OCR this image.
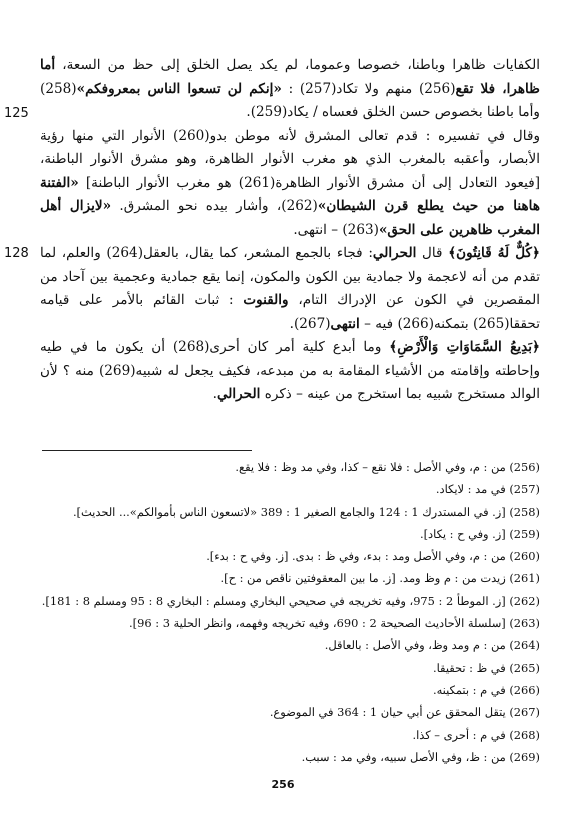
الكفايات ظاهرا وباطنا، خصوصا وعموما، لم يكد يصل الخلق إلى حظ من السعة، أما ظاهرا، فلا تقع(256) منهم ولا تكاد(257) : «إنكم لن تسعوا الناس بمعروفكم»(258) وأما باطنا بخصوص حسن الخلق فعساه / يكاد(259).

125
وقال في تفسيره : قدم تعالى المشرق لأنه موطن بدو(260) الأنوار التي منها رؤية الأبصار، وأعقبه بالمغرب الذي هو مغرب الأنوار الظاهرة، وهو مشرق الأنوار الباطنة، [فيعود التعادل إلى أن مشرق الأنوار الظاهرة(261) هو مغرب الأنوار الباطنة] «الفتنة هاهنا من حيث يطلع قرن الشيطان»(262)، وأشار بيده نحو المشرق. «لايزال أهل المغرب ظاهرين على الحق»(263) – انتهى.

128	﴿كُلٌّ لَهُ قَانِتُونَ﴾ قال الحرالي: فجاء بالجمع المشعر، كما يقال، بالعقل(264) والعلم، لما تقدم من أنه لاعجمة ولا جمادية بين الكون والمكون، إنما يقع جمادية وعجمية بين آحاد من المقصرين في الكون عن الإدراك التام، والقنوت : ثبات القائم بالأمر على قيامه تحققا(265) بتمكنه(266) فيه – انتهى(267).

﴿بَدِيعُ السَّمَاوَاتِ وَالْأَرْضِ﴾ وما أبدع كلية أمر كان أحرى(268) أن يكون ما في طيه وإحاطته وإقامته من الأشياء المقامة به من مبدعه، فكيف يجعل له شبيه(269) منه ؟ لأن الوالد مستخرج شبيه بما استخرج من عينه – ذكره الحرالي.

(256) من : م، وفي الأصل : فلا نقع – كذا، وفي مد وظ : فلا يقع.

(257) في مد : لايكاد.

(258) [ز. في المستدرك 1 : 124 والجامع الصغير 1 : 389 «لاتسعون الناس بأموالكم»... الحديث].

(259) [ز. وفي ح : يكاد].

(260) من : م، وفي الأصل ومد : بدء، وفي ظ : بدى. [ز. وفي ح : بدء].

(261) زيدت من : م وظ ومد. [ز. ما بين المعقوفتين ناقص من : ح].

(262) [ز. الموطأ 2 : 975، وفيه تخريجه في صحيحي البخاري ومسلم : البخاري 8 : 95 ومسلم 8 : 181].

(263) [سلسلة الأحاديث الصحيحة 2 : 690، وفيه تخريجه وفهمه، وانظر الحلية 3 : 96].

(264) من : م ومد وظ، وفي الأصل : بالعاقل.

(265) في ظ : تحقيقا.

(266) في م : بتمكينه.

(267) يتقل المحقق عن أبي حيان 1 : 364 في الموضوع.

(268) في م : أحرى – كذا.

(269) من : ظ، وفي الأصل سبيه، وفي مد : سبب.

256
